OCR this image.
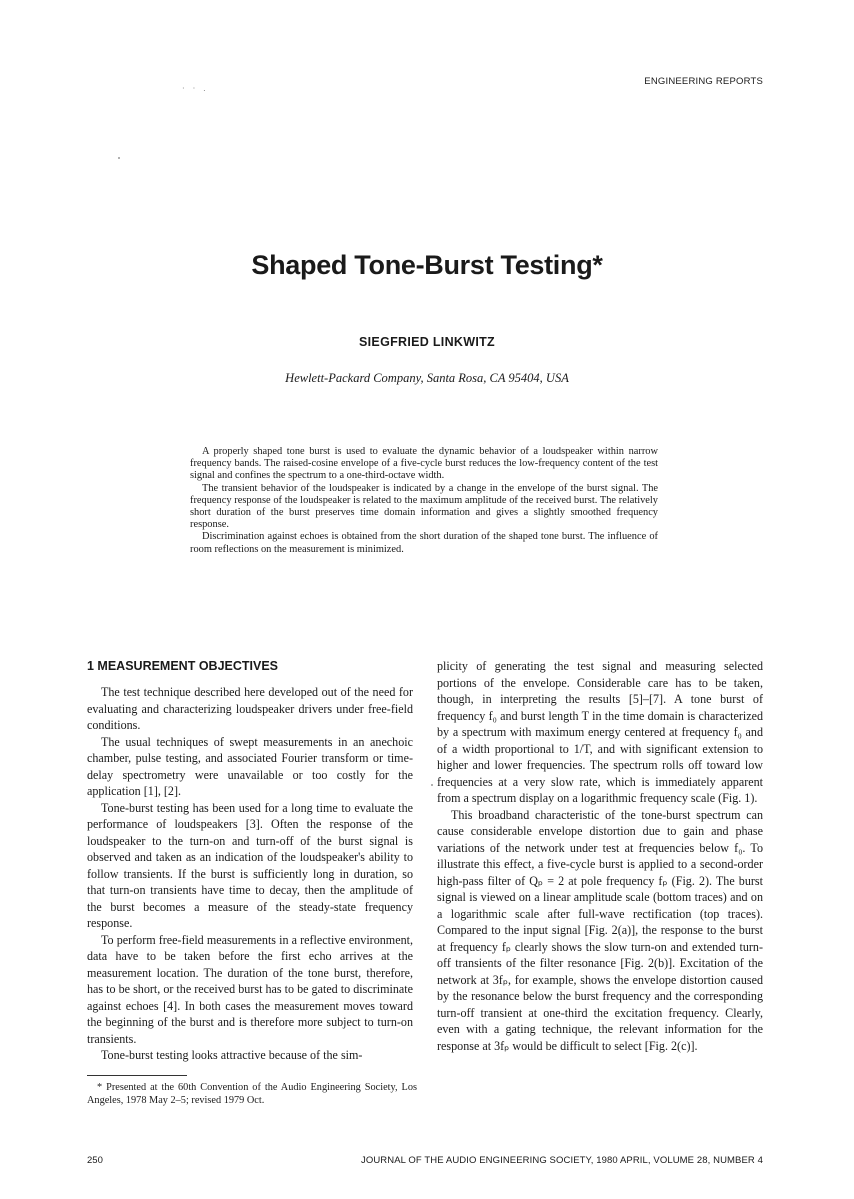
· · .
ENGINEERING REPORTS
Shaped Tone-Burst Testing*
SIEGFRIED LINKWITZ
Hewlett-Packard Company, Santa Rosa, CA 95404, USA

A properly shaped tone burst is used to evaluate the dynamic behavior of a loudspeaker within narrow frequency bands. The raised-cosine envelope of a five-cycle burst reduces the low-frequency content of the test signal and confines the spectrum to a one-third-octave width.

The transient behavior of the loudspeaker is indicated by a change in the envelope of the burst signal. The frequency response of the loudspeaker is related to the maximum amplitude of the received burst. The relatively short duration of the burst preserves time domain information and gives a slightly smoothed frequency response.

Discrimination against echoes is obtained from the short duration of the shaped tone burst. The influence of room reflections on the measurement is minimized.

1 MEASUREMENT OBJECTIVES

The test technique described here developed out of the need for evaluating and characterizing loudspeaker drivers under free-field conditions.

The usual techniques of swept measurements in an anechoic chamber, pulse testing, and associated Fourier transform or time-delay spectrometry were unavailable or too costly for the application [1], [2].

Tone-burst testing has been used for a long time to evaluate the performance of loudspeakers [3]. Often the response of the loudspeaker to the turn-on and turn-off of the burst signal is observed and taken as an indication of the loudspeaker's ability to follow transients. If the burst is sufficiently long in duration, so that turn-on transients have time to decay, then the amplitude of the burst becomes a measure of the steady-state frequency response.

To perform free-field measurements in a reflective environment, data have to be taken before the first echo arrives at the measurement location. The duration of the tone burst, therefore, has to be short, or the received burst has to be gated to discriminate against echoes [4]. In both cases the measurement moves toward the beginning of the burst and is therefore more subject to turn-on transients.

Tone-burst testing looks attractive because of the sim-

plicity of generating the test signal and measuring selected portions of the envelope. Considerable care has to be taken, though, in interpreting the results [5]–[7]. A tone burst of frequency f₀ and burst length T in the time domain is characterized by a spectrum with maximum energy centered at frequency f₀ and of a width proportional to 1/T, and with significant extension to higher and lower frequencies. The spectrum rolls off toward low frequencies at a very slow rate, which is immediately apparent from a spectrum display on a logarithmic frequency scale (Fig. 1).

This broadband characteristic of the tone-burst spectrum can cause considerable envelope distortion due to gain and phase variations of the network under test at frequencies below f₀. To illustrate this effect, a five-cycle burst is applied to a second-order high-pass filter of Qₚ = 2 at pole frequency fₚ (Fig. 2). The burst signal is viewed on a linear amplitude scale (bottom traces) and on a logarithmic scale after full-wave rectification (top traces). Compared to the input signal [Fig. 2(a)], the response to the burst at frequency fₚ clearly shows the slow turn-on and extended turn-off transients of the filter resonance [Fig. 2(b)]. Excitation of the network at 3fₚ, for example, shows the envelope distortion caused by the resonance below the burst frequency and the corresponding turn-off transient at one-third the excitation frequency. Clearly, even with a gating technique, the relevant information for the response at 3fₚ would be difficult to select [Fig. 2(c)].

* Presented at the 60th Convention of the Audio Engineering Society, Los Angeles, 1978 May 2–5; revised 1979 Oct.

250	JOURNAL OF THE AUDIO ENGINEERING SOCIETY, 1980 APRIL, VOLUME 28, NUMBER 4
